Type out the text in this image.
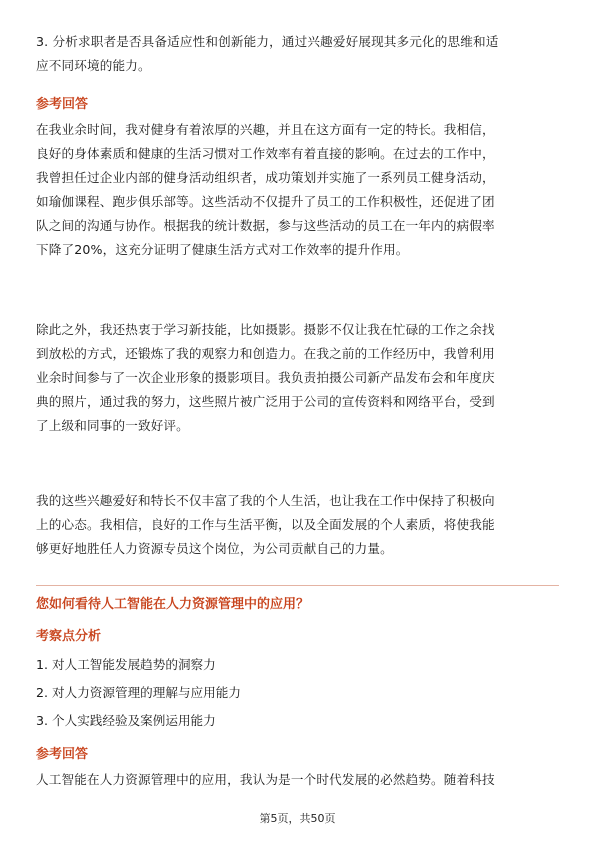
3. 分析求职者是否具备适应性和创新能力，通过兴趣爱好展现其多元化的思维和适
应不同环境的能力。

参考回答

在我业余时间，我对健身有着浓厚的兴趣，并且在这方面有一定的特长。我相信，
良好的身体素质和健康的生活习惯对工作效率有着直接的影响。在过去的工作中，
我曾担任过企业内部的健身活动组织者，成功策划并实施了一系列员工健身活动，
如瑜伽课程、跑步俱乐部等。这些活动不仅提升了员工的工作积极性，还促进了团
队之间的沟通与协作。根据我的统计数据，参与这些活动的员工在一年内的病假率
下降了20%，这充分证明了健康生活方式对工作效率的提升作用。

除此之外，我还热衷于学习新技能，比如摄影。摄影不仅让我在忙碌的工作之余找
到放松的方式，还锻炼了我的观察力和创造力。在我之前的工作经历中，我曾利用
业余时间参与了一次企业形象的摄影项目。我负责拍摄公司新产品发布会和年度庆
典的照片，通过我的努力，这些照片被广泛用于公司的宣传资料和网络平台，受到
了上级和同事的一致好评。

我的这些兴趣爱好和特长不仅丰富了我的个人生活，也让我在工作中保持了积极向
上的心态。我相信，良好的工作与生活平衡，以及全面发展的个人素质，将使我能
够更好地胜任人力资源专员这个岗位，为公司贡献自己的力量。

您如何看待人工智能在人力资源管理中的应用？

考察点分析

1. 对人工智能发展趋势的洞察力

2. 对人力资源管理的理解与应用能力

3. 个人实践经验及案例运用能力

参考回答

人工智能在人力资源管理中的应用，我认为是一个时代发展的必然趋势。随着科技

第5页，共50页
